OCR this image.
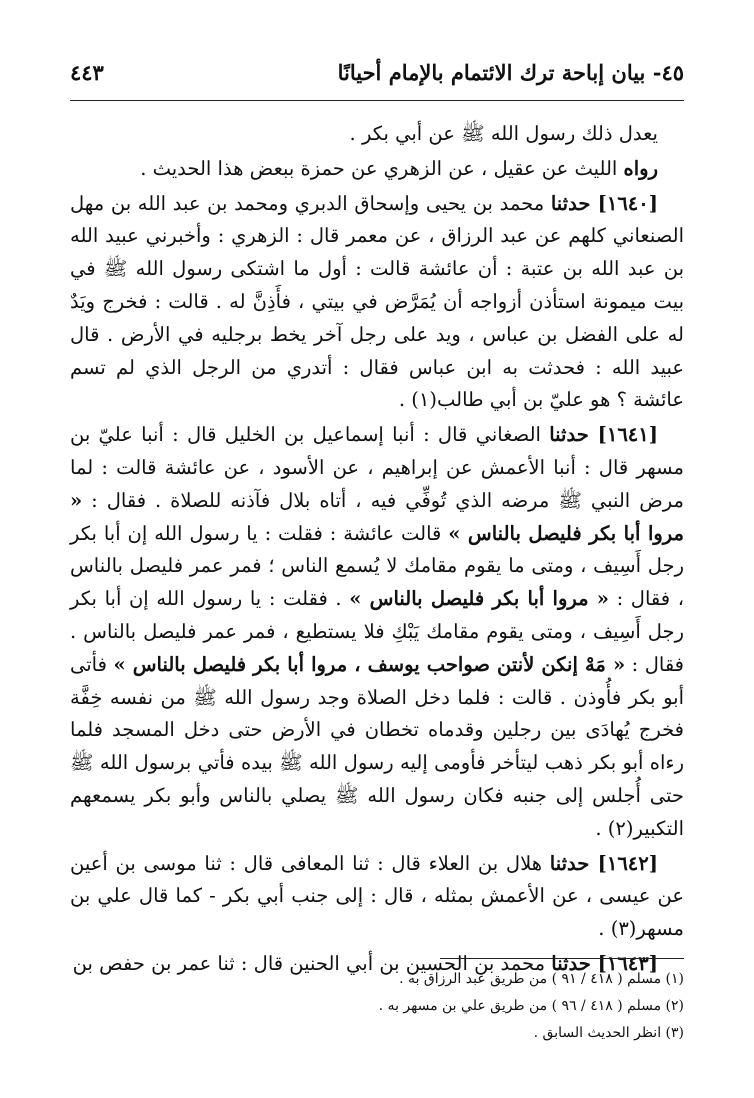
٤٥- بيان إباحة ترك الائتمام بالإمام أحيانًا
٤٤٣

يعدل ذلك رسول الله ﷺ عن أبي بكر .

رواه الليث عن عقيل ، عن الزهري عن حمزة ببعض هذا الحديث .

[١٦٤٠] حدثنا محمد بن يحيى وإسحاق الدبري ومحمد بن عبد الله بن مهل الصنعاني كلهم عن عبد الرزاق ، عن معمر قال : الزهري : وأخبرني عبيد الله بن عبد الله بن عتبة : أن عائشة قالت : أول ما اشتكى رسول الله ﷺ في بيت ميمونة استأذن أزواجه أن يُمَرَّض في بيتي ، فأَذِنَّ له . قالت : فخرج ويَدٌ له على الفضل بن عباس ، ويد على رجل آخر يخط برجليه في الأرض . قال عبيد الله : فحدثت به ابن عباس فقال : أتدري من الرجل الذي لم تسم عائشة ؟ هو عليّ بن أبي طالب(١) .

[١٦٤١] حدثنا الصغاني قال : أنبا إسماعيل بن الخليل قال : أنبا عليّ بن مسهر قال : أنبا الأعمش عن إبراهيم ، عن الأسود ، عن عائشة قالت : لما مرض النبي ﷺ مرضه الذي تُوفِّي فيه ، أتاه بلال فآذنه للصلاة . فقال : « مروا أبا بكر فليصل بالناس » قالت عائشة : فقلت : يا رسول الله إن أبا بكر رجل أَسِيف ، ومتى ما يقوم مقامك لا يُسمع الناس ؛ فمر عمر فليصل بالناس ، فقال : « مروا أبا بكر فليصل بالناس » . فقلت : يا رسول الله إن أبا بكر رجل أَسِيف ، ومتى يقوم مقامك يَبْكِ فلا يستطيع ، فمر عمر فليصل بالناس . فقال : « مَهْ إنكن لأنتن صواحب يوسف ، مروا أبا بكر فليصل بالناس » فأتى أبو بكر فأُوذن . قالت : فلما دخل الصلاة وجد رسول الله ﷺ من نفسه خِفَّة فخرج يُهادَى بين رجلين وقدماه تخطان في الأرض حتى دخل المسجد فلما رءاه أبو بكر ذهب ليتأخر فأومى إليه رسول الله ﷺ بيده فأتي برسول الله ﷺ حتى أُجلس إلى جنبه فكان رسول الله ﷺ يصلي بالناس وأبو بكر يسمعهم التكبير(٢) .

[١٦٤٢] حدثنا هلال بن العلاء قال : ثنا المعافى قال : ثنا موسى بن أعين عن عيسى ، عن الأعمش بمثله ، قال : إلى جنب أبي بكر - كما قال علي بن مسهر(٣) .

[١٦٤٣] حدثنا محمد بن الحسين بن أبي الحنين قال : ثنا عمر بن حفص بن

(١) مسلم ( ٤١٨ / ٩١ ) من طريق عبد الرزاق به .
(٢) مسلم ( ٤١٨ / ٩٦ ) من طريق علي بن مسهر به .
(٣) انظر الحديث السابق .
